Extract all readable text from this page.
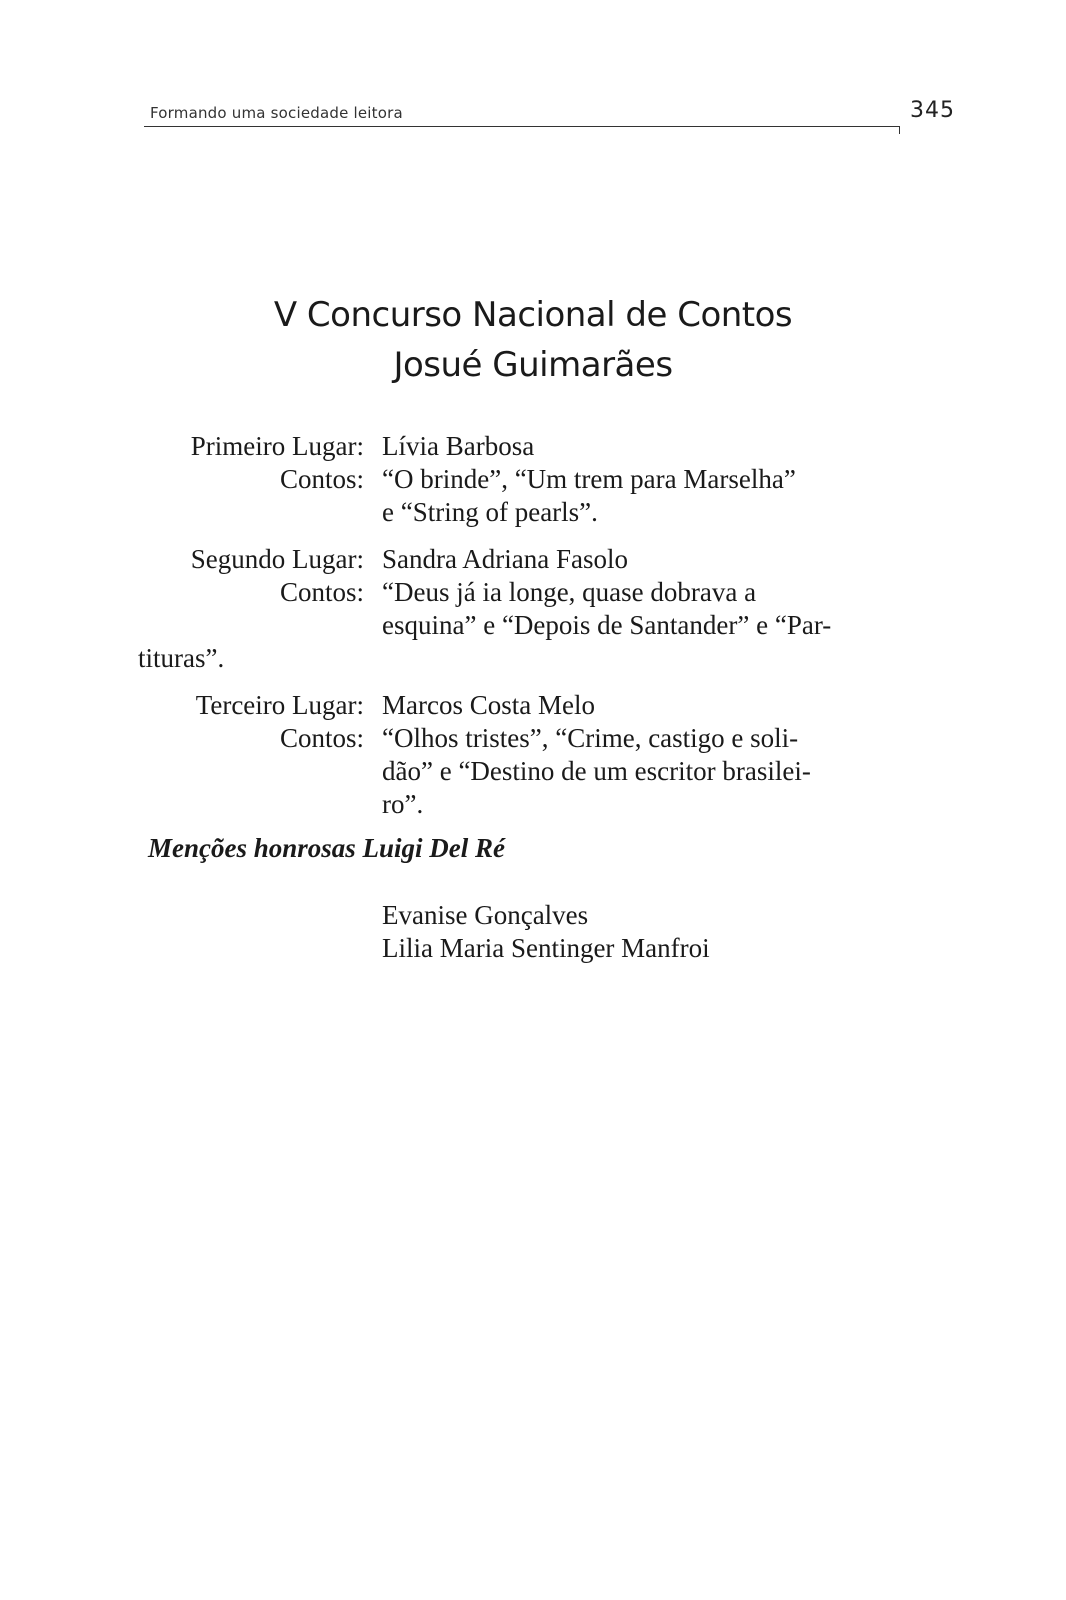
Formando uma sociedade leitora	345
V Concurso Nacional de Contos
Josué Guimarães
Primeiro Lugar: Lívia Barbosa
Contos: “O brinde”, “Um trem para Marselha”
e “String of pearls”.
Segundo Lugar: Sandra Adriana Fasolo
Contos: “Deus já ia longe, quase dobrava a
esquina” e “Depois de Santander” e “Par-
tituras”.
Terceiro Lugar: Marcos Costa Melo
Contos: “Olhos tristes”, “Crime, castigo e soli-
dão” e “Destino de um escritor brasilei-
ro”.
Menções honrosas Luigi Del Ré
Evanise Gonçalves
Lilia Maria Sentinger Manfroi
